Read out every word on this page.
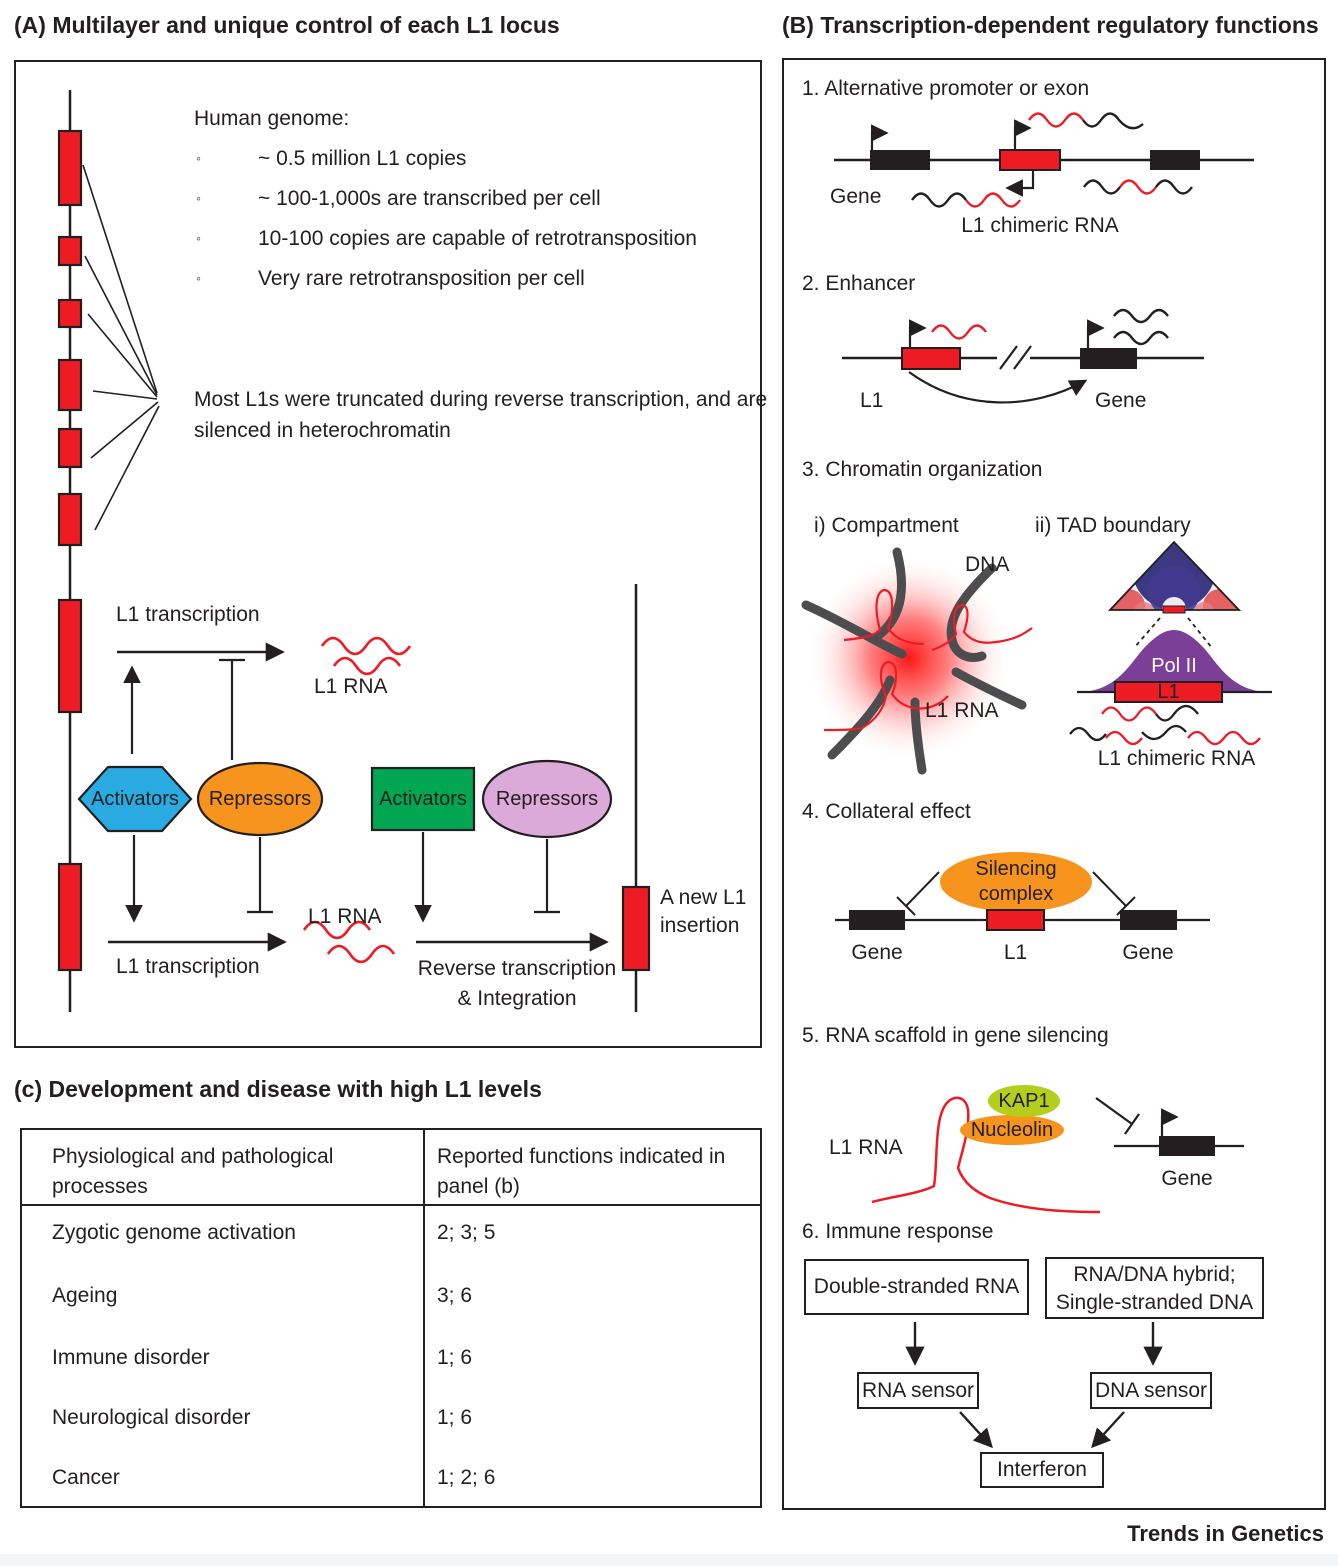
(A) Multilayer and unique control of each L1 locus	(B) Transcription-dependent regulatory functions
Human genome:
◦	~ 0.5 million L1 copies
◦	~ 100-1,000s are transcribed per cell
◦	10-100 copies are capable of retrotransposition
◦	Very rare retrotransposition per cell
Most L1s were truncated during reverse transcription, and are silenced in heterochromatin
L1 transcription
L1 RNA
Activators	Repressors	Activators	Repressors
L1 RNA
L1 transcription	Reverse transcription
& Integration
A new L1 insertion
(c) Development and disease with high L1 levels
Physiological and pathological processes
Reported functions indicated in panel (b)
Zygotic genome activation	2; 3; 5
Ageing	3; 6
Immune disorder	1; 6
Neurological disorder	1; 6
Cancer	1; 2; 6
1. Alternative promoter or exon
Gene
L1 chimeric RNA
2. Enhancer
L1	Gene
3. Chromatin organization
i) Compartment	ii) TAD boundary
DNA
L1 RNA
Pol II
L1
L1 chimeric RNA
4. Collateral effect
Silencing
complex
Gene	L1	Gene
5. RNA scaffold in gene silencing
L1 RNA
KAP1
Nucleolin
Gene
6. Immune response
Double-stranded RNA
RNA/DNA hybrid;
Single-stranded DNA
RNA sensor	DNA sensor
Interferon
Trends in Genetics
